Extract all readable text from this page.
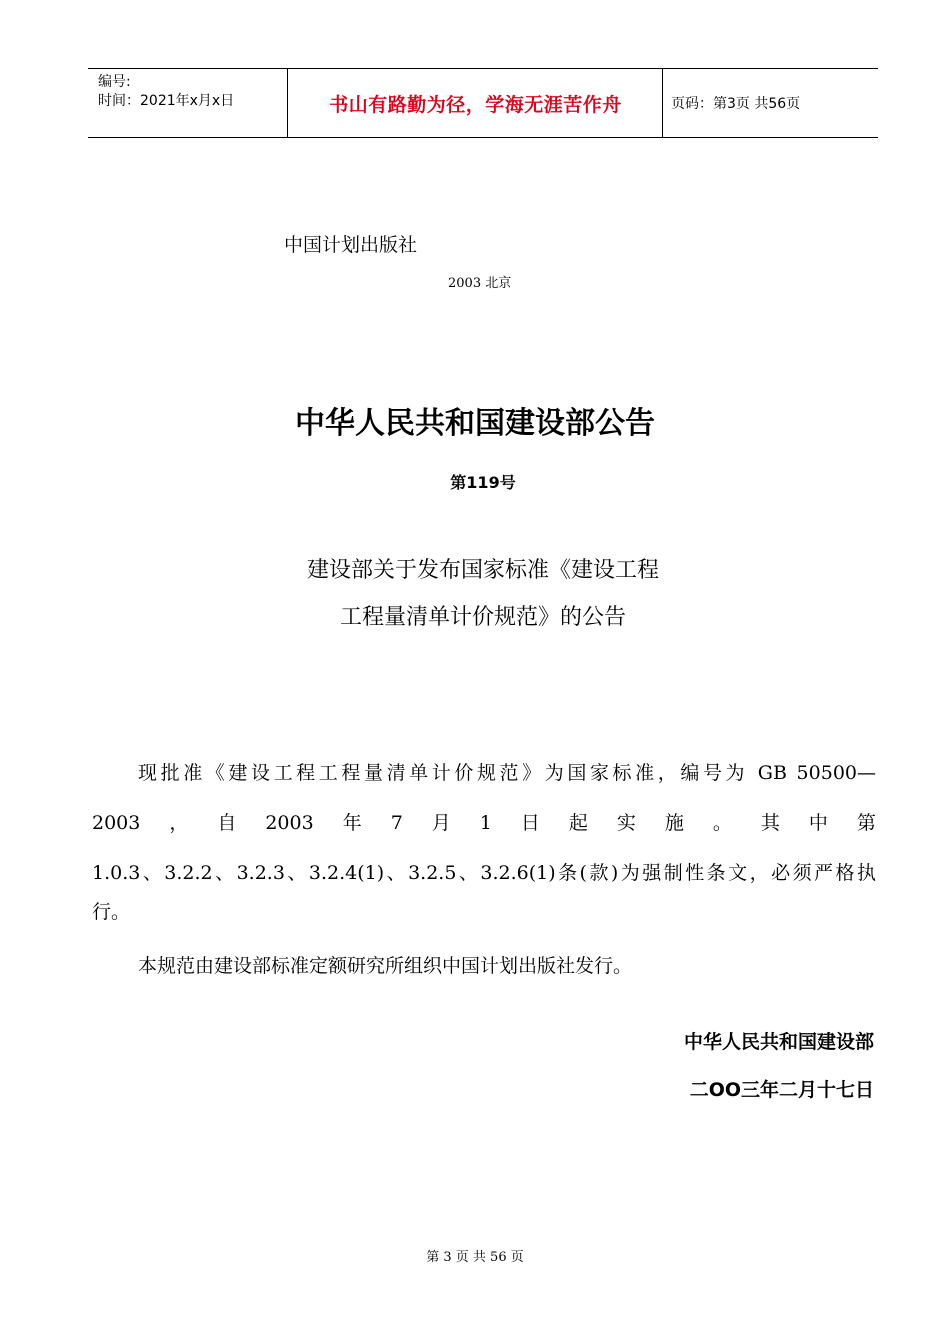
编号:
时间：2021年x月x日	书山有路勤为径，学海无涯苦作舟	页码：第3页 共56页
中国计划出版社
2003 北京
中华人民共和国建设部公告
第119号
建设部关于发布国家标准《建设工程
工程量清单计价规范》的公告
现批准《建设工程工程量清单计价规范》为国家标准，编号为 GB 50500—
2003 ， 自 2003 年 7 月 1 日 起 实 施 。 其 中 第
1.0.3、3.2.2、3.2.3、3.2.4(1)、3.2.5、3.2.6(1)条(款)为强制性条文，必须严格执
行。
本规范由建设部标准定额研究所组织中国计划出版社发行。
中华人民共和国建设部
二OO三年二月十七日
第 3 页 共 56 页
